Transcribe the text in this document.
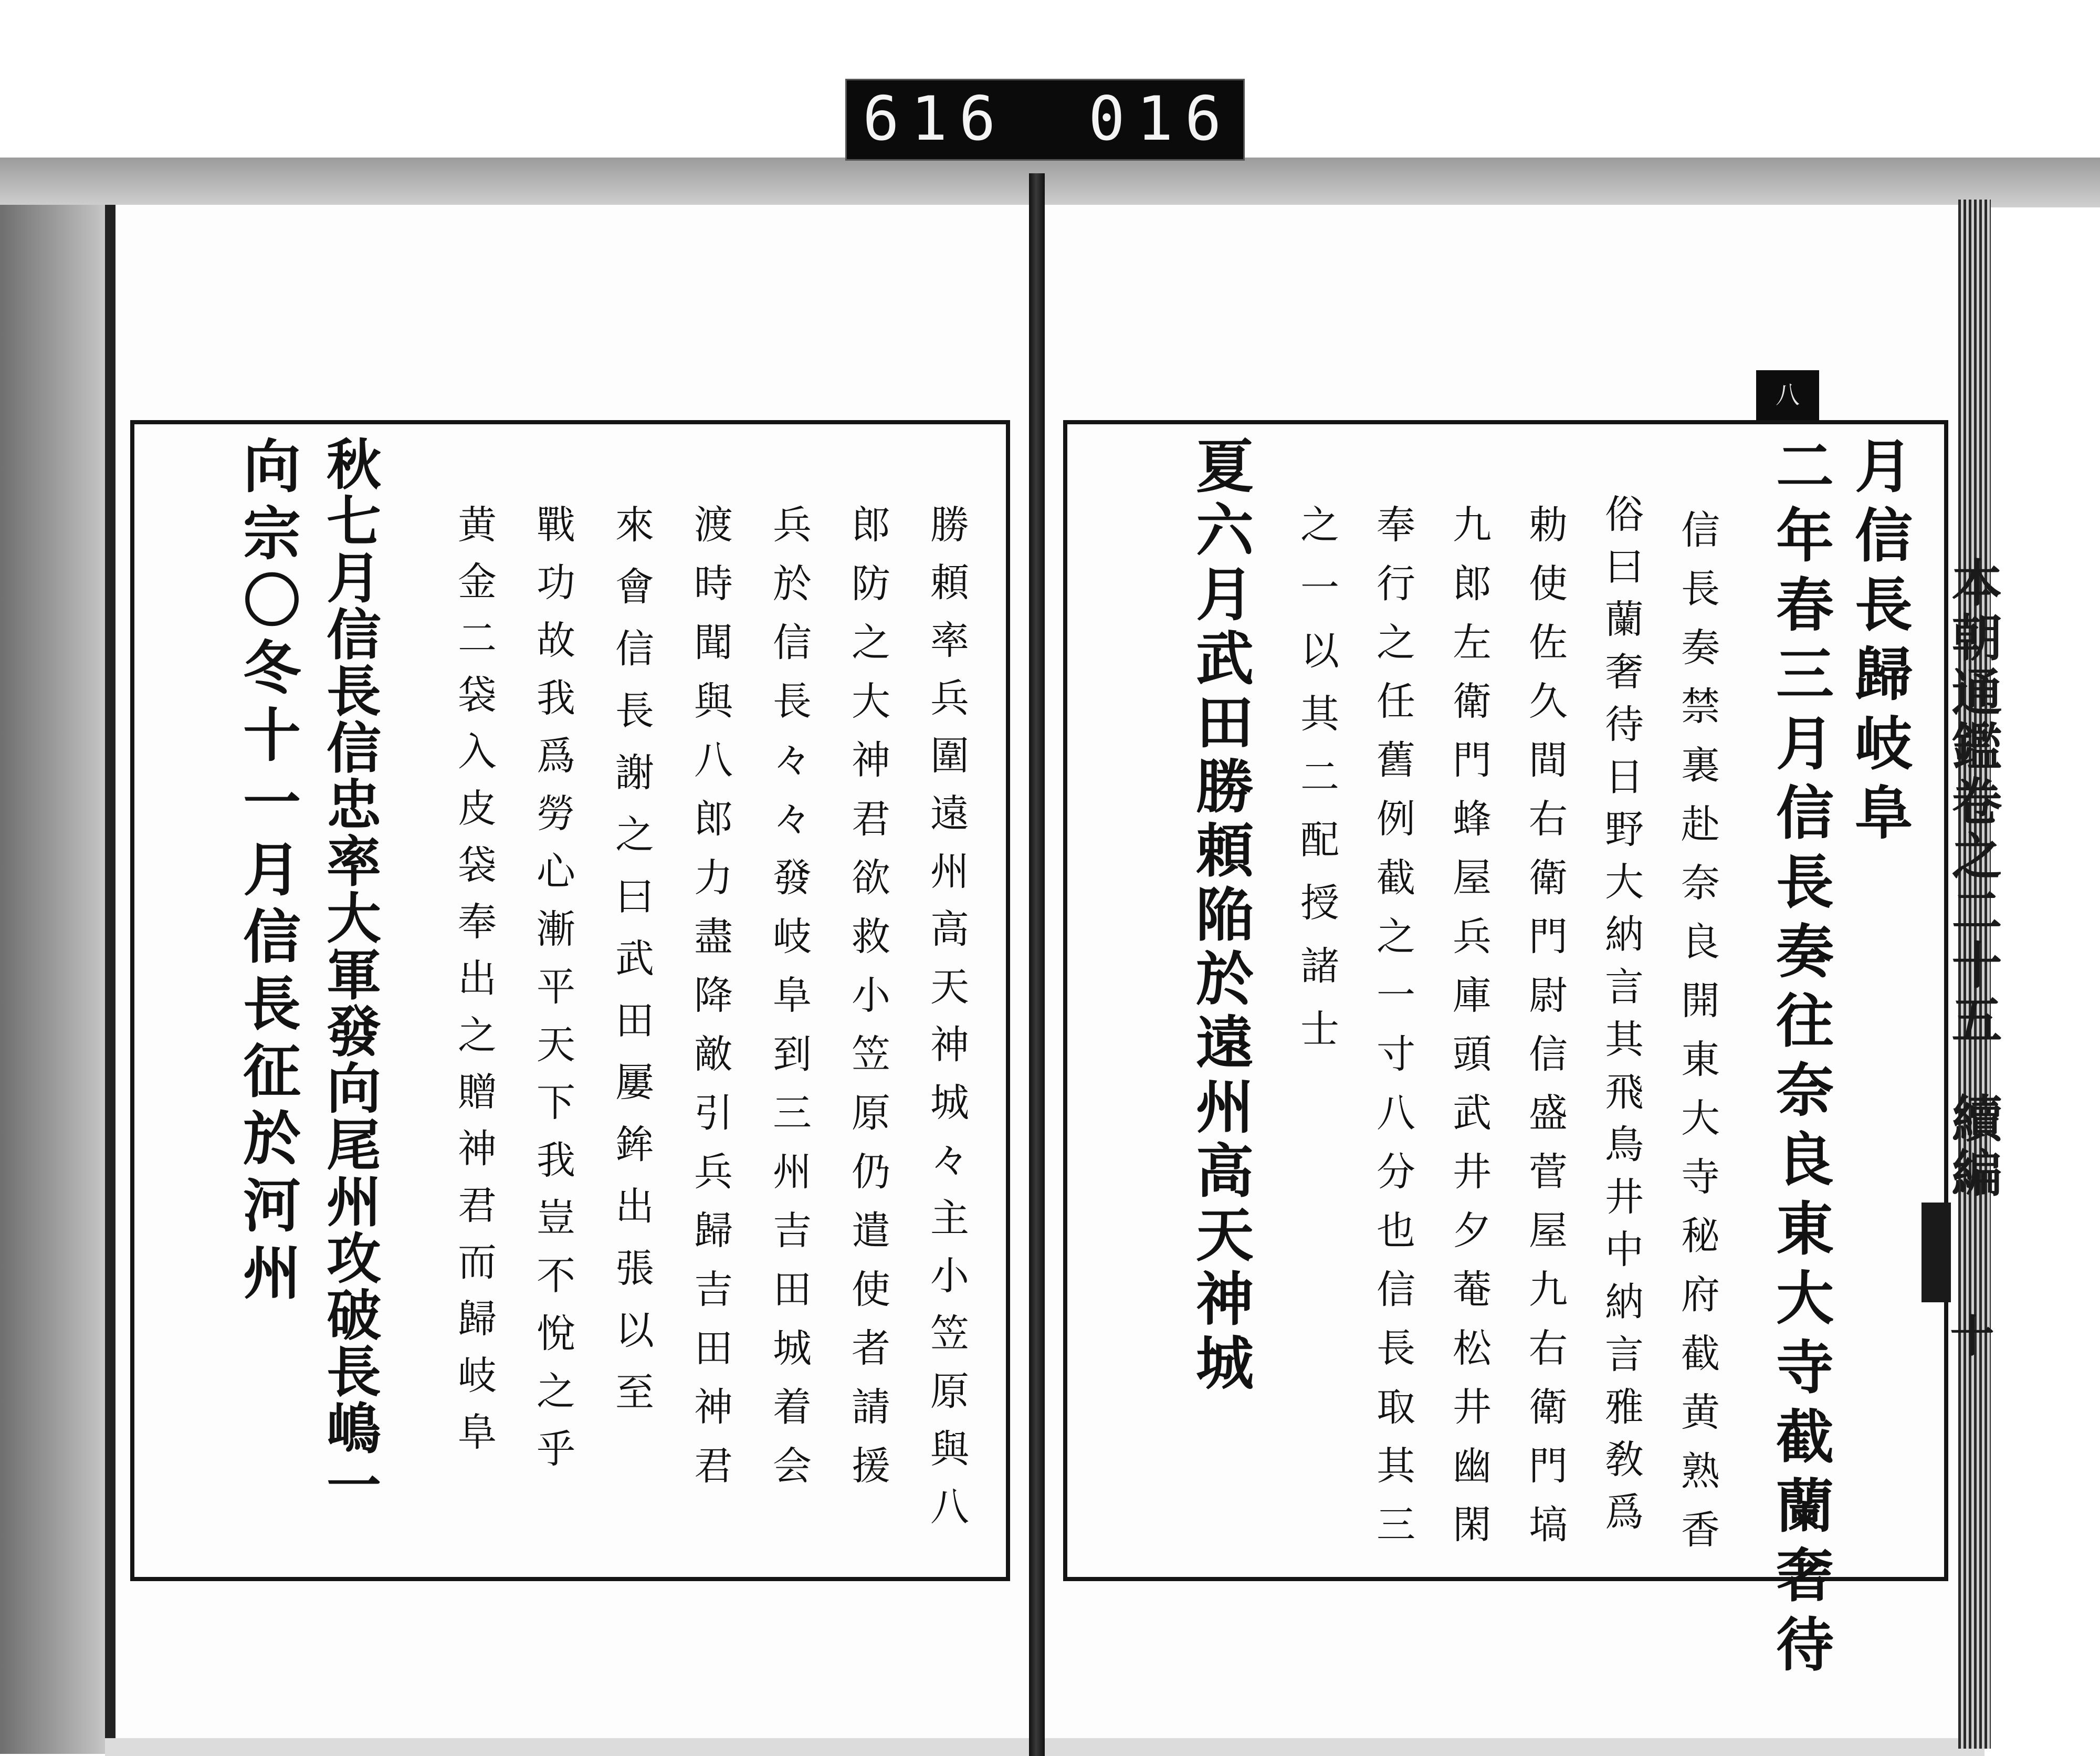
616 016
八
本朝通鑑卷之二十五
續編
十
月信長歸岐阜
二年春三月信長奏往奈良東大寺截蘭奢待
信長奏禁裏赴奈良開東大寺秘府截黄熟香
俗曰蘭奢待日野大納言其飛鳥井中納言雅敎爲
勅使佐久間右衛門尉信盛菅屋九右衛門塙
九郎左衛門蜂屋兵庫頭武井夕菴松井幽閑
奉行之任舊例截之一寸八分也信長取其三
之一以其二配授諸士
夏六月武田勝頼陥於遠州高天神城
勝頼率兵圍遠州高天神城々主小笠原與八
郎防之大神君欲救小笠原仍遣使者請援
兵於信長々々發岐阜到三州吉田城着会
渡時聞與八郎力盡降敵引兵歸吉田神君
來會信長謝之曰武田屢鉾出張以至
戰功故我爲勞心漸平天下我豈不悅之乎
黄金二袋入皮袋奉出之贈神君而歸岐阜
秋七月信長信忠率大軍發向尾州攻破長嶋一
向宗〇冬十一月信長征於河州
